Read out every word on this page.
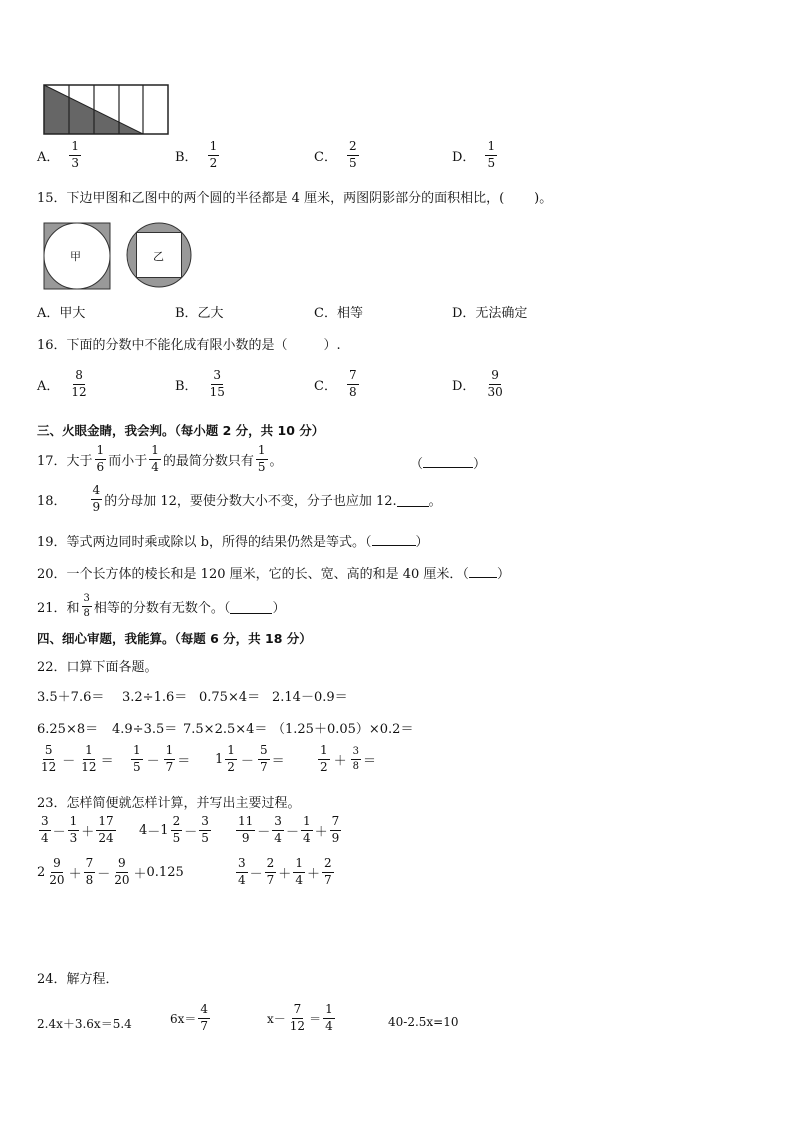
A． $\frac{1}{3}$	B． $\frac{1}{2}$	C． $\frac{2}{5}$	D． $\frac{1}{5}$
15．下边甲图和乙图中的两个圆的半径都是 4 厘米，两图阴影部分的面积相比，( )。
甲	乙
A．甲大	B．乙大	C．相等	D．无法确定
16．下面的分数中不能化成有限小数的是（	）.
A． $\frac{8}{12}$	B． $\frac{3}{15}$	C． $\frac{7}{8}$	D． $\frac{9}{30}$
三、火眼金睛，我会判。（每小题 2 分，共 10 分）
17．大于 $\frac{1}{6}$ 而小于 $\frac{1}{4}$ 的最简分数只有 $\frac{1}{5}$ 。	（	）
18． $\frac{4}{9}$ 的分母加 12，要使分数大小不变，分子也应加 12. 。
19．等式两边同时乘或除以 b，所得的结果仍然是等式。（	）
20．一个长方体的棱长和是 120 厘米，它的长、宽、高的和是 40 厘米．（ ）
21．和 $\frac{3}{8}$ 相等的分数有无数个。（	）
四、细心审题，我能算。（每题 6 分，共 18 分）
22．口算下面各题。
3.5＋7.6＝ 3.2÷1.6＝ 0.75×4＝ 2.14－0.9＝
6.25×8＝ 4.9÷3.5＝ 7.5×2.5×4＝ （1.25＋0.05）×0.2＝
$\frac{5}{12} - \frac{1}{12} = \frac{1}{5} - \frac{1}{7} = 1 \frac{1}{2} - \frac{5}{7}$ ＝	$\frac{1}{2} + \frac{3}{8}$ ＝
23．怎样简便就怎样计算，并写出主要过程。
$\frac{3}{4} - \frac{1}{3} + \frac{17}{24} 4 - 1 \frac{2}{5} - \frac{3}{5} \frac{11}{9} - \frac{3}{4} - \frac{1}{4} + \frac{7}{9}$
$2 \frac{9}{20} + \frac{7}{8} - \frac{9}{20} + 0.125$	$\frac{3}{4} - \frac{2}{7} + \frac{1}{4} + \frac{2}{7}$
24．解方程．
2.4x＋3.6x＝5.4	$6x= \frac{4}{7}$	$x- \frac{7}{12} = \frac{1}{4}$	40-2.5x=10
